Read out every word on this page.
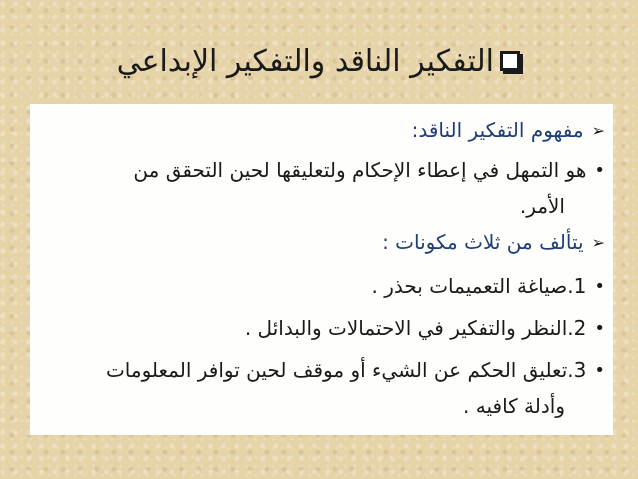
التفكير الناقد والتفكير الإبداعي
➢
مفهوم التفكير الناقد:
•
هو التمهل في إعطاء الإحكام ولتعليقها لحين التحقق من
الأمر.
➢
يتألف من ثلاث مكونات :
•
1.صياغة التعميمات بحذر .
•
2.النظر والتفكير في الاحتمالات والبدائل .
•
3.تعليق الحكم عن الشيء أو موقف لحين توافر المعلومات
وأدلة كافيه .
